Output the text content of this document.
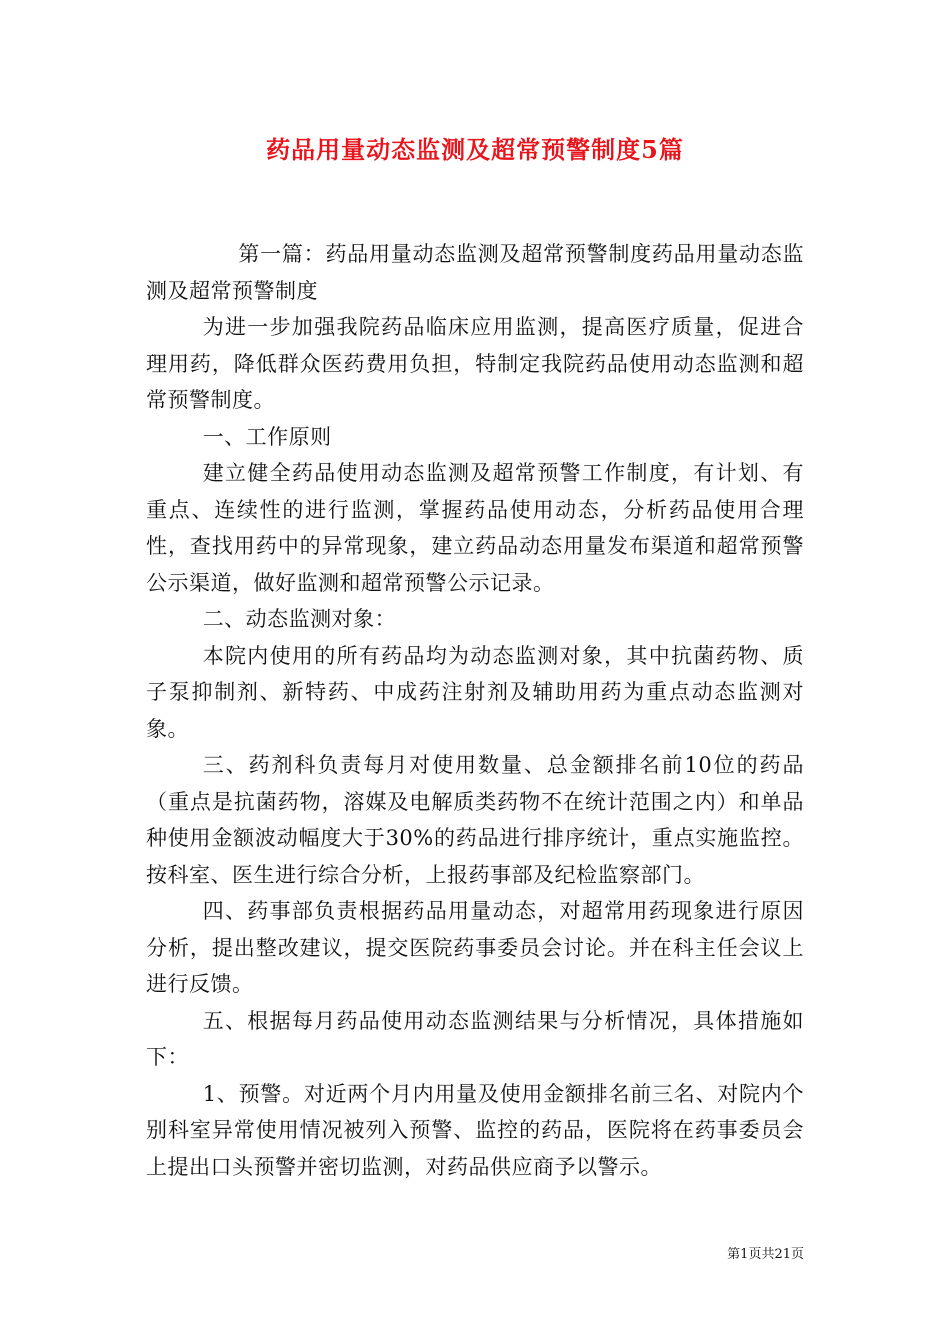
药品用量动态监测及超常预警制度5篇

第一篇：药品用量动态监测及超常预警制度药品用量动态监测及超常预警制度

为进一步加强我院药品临床应用监测，提高医疗质量，促进合理用药，降低群众医药费用负担，特制定我院药品使用动态监测和超常预警制度。

一、工作原则

建立健全药品使用动态监测及超常预警工作制度，有计划、有重点、连续性的进行监测，掌握药品使用动态，分析药品使用合理性，查找用药中的异常现象，建立药品动态用量发布渠道和超常预警公示渠道，做好监测和超常预警公示记录。

二、动态监测对象：

本院内使用的所有药品均为动态监测对象，其中抗菌药物、质子泵抑制剂、新特药、中成药注射剂及辅助用药为重点动态监测对象。

三、药剂科负责每月对使用数量、总金额排名前10位的药品（重点是抗菌药物，溶媒及电解质类药物不在统计范围之内）和单品种使用金额波动幅度大于30%的药品进行排序统计，重点实施监控。按科室、医生进行综合分析，上报药事部及纪检监察部门。

四、药事部负责根据药品用量动态，对超常用药现象进行原因分析，提出整改建议，提交医院药事委员会讨论。并在科主任会议上进行反馈。

五、根据每月药品使用动态监测结果与分析情况，具体措施如下：

1、预警。对近两个月内用量及使用金额排名前三名、对院内个别科室异常使用情况被列入预警、监控的药品，医院将在药事委员会上提出口头预警并密切监测，对药品供应商予以警示。

第1页共21页
